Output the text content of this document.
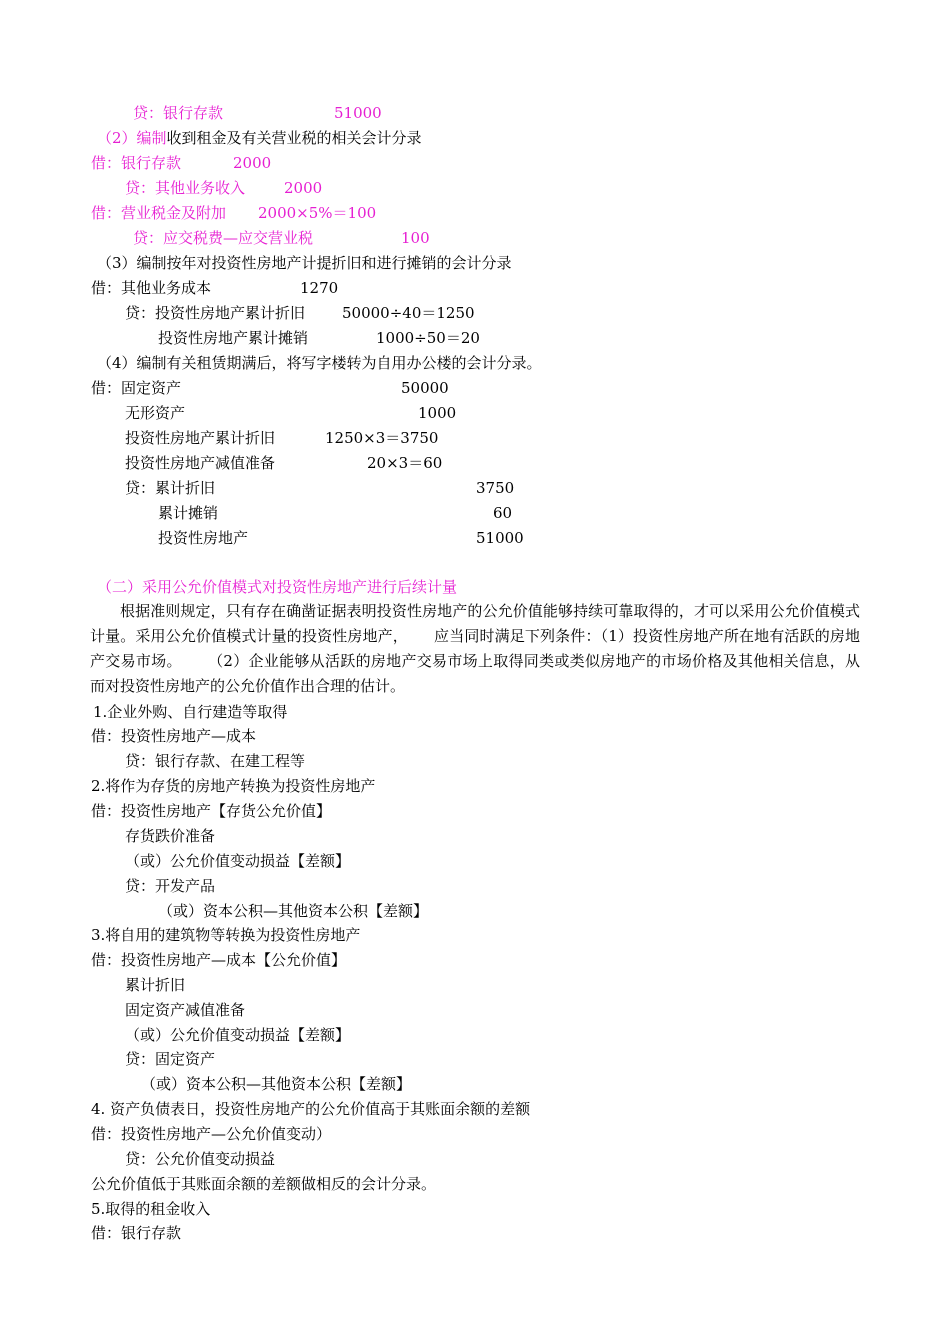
贷：银行存款	51000
（2）编制收到租金及有关营业税的相关会计分录
借：银行存款	2000
贷：其他业务收入	2000
借：营业税金及附加 2000×5%＝100
贷：应交税费—应交营业税	100
（3）编制按年对投资性房地产计提折旧和进行摊销的会计分录
借：其他业务成本	1270
贷：投资性房地产累计折旧 50000÷40＝1250
投资性房地产累计摊销	1000÷50＝20
（4）编制有关租赁期满后，将写字楼转为自用办公楼的会计分录。
借：固定资产	50000
无形资产	1000
投资性房地产累计折旧	1250×3＝3750
投资性房地产减值准备	20×3＝60
贷：累计折旧	3750
累计摊销	60
投资性房地产	51000
（二）采用公允价值模式对投资性房地产进行后续计量
根据准则规定，只有存在确凿证据表明投资性房地产的公允价值能够持续可靠取得的，才可以采用公允价值模式计量。采用公允价值模式计量的投资性房地产， 应当同时满足下列条件：（1）投资性房地产所在地有活跃的房地产交易市场。 （2）企业能够从活跃的房地产交易市场上取得同类或类似房地产的市场价格及其他相关信息，从而对投资性房地产的公允价值作出合理的估计。
1.企业外购、自行建造等取得
借：投资性房地产—成本
贷：银行存款、在建工程等
2.将作为存货的房地产转换为投资性房地产
借：投资性房地产【存货公允价值】
存货跌价准备
（或）公允价值变动损益【差额】
贷：开发产品
（或）资本公积—其他资本公积【差额】
3.将自用的建筑物等转换为投资性房地产
借：投资性房地产—成本【公允价值】
累计折旧
固定资产减值准备
（或）公允价值变动损益【差额】
贷：固定资产
（或）资本公积—其他资本公积【差额】
4. 资产负债表日，投资性房地产的公允价值高于其账面余额的差额
借：投资性房地产—公允价值变动）
贷：公允价值变动损益
公允价值低于其账面余额的差额做相反的会计分录。
5.取得的租金收入
借：银行存款
